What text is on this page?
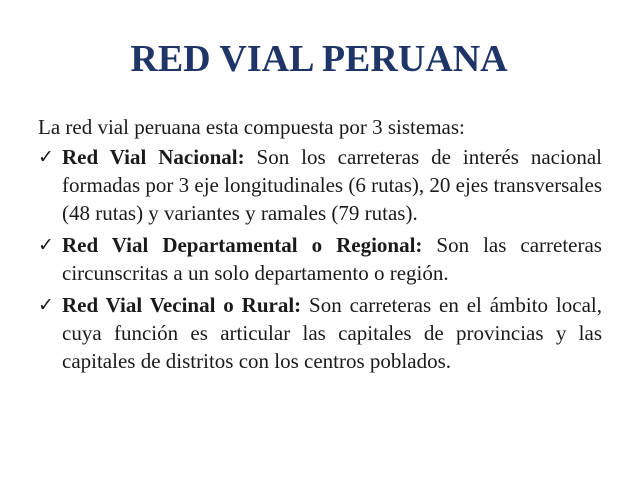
RED VIAL PERUANA
La red vial peruana esta compuesta por 3 sistemas:
✓ Red Vial Nacional: Son los carreteras de interés nacional formadas por 3 eje longitudinales (6 rutas), 20 ejes transversales (48 rutas) y variantes y ramales (79 rutas).
✓ Red Vial Departamental o Regional: Son las carreteras circunscritas a un solo departamento o región.
✓ Red Vial Vecinal o Rural: Son carreteras en el ámbito local, cuya función es articular las capitales de provincias y las capitales de distritos con los centros poblados.
